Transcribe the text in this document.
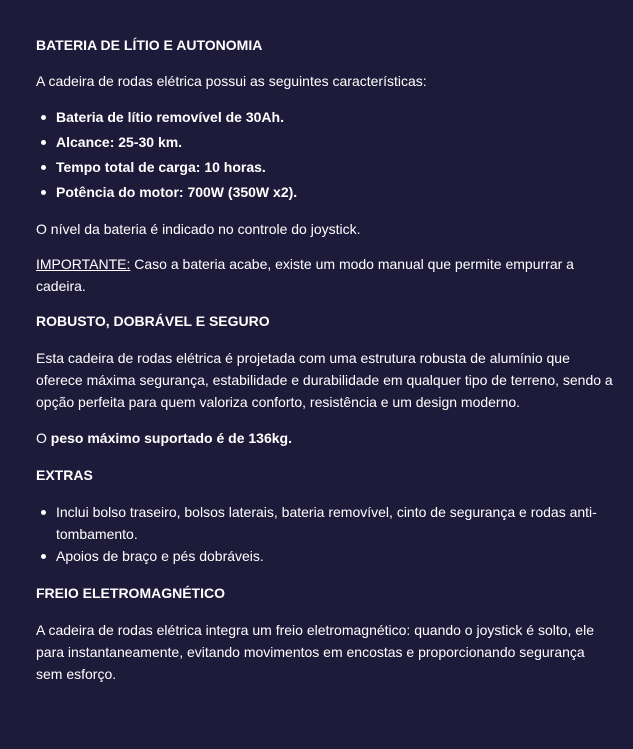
BATERIA DE LÍTIO E AUTONOMIA

A cadeira de rodas elétrica possui as seguintes características:

Bateria de lítio removível de 30Ah.
Alcance: 25-30 km.
Tempo total de carga: 10 horas.
Potência do motor: 700W (350W x2).

O nível da bateria é indicado no controle do joystick.

IMPORTANTE: Caso a bateria acabe, existe um modo manual que permite empurrar a cadeira.

ROBUSTO, DOBRÁVEL E SEGURO

Esta cadeira de rodas elétrica é projetada com uma estrutura robusta de alumínio que oferece máxima segurança, estabilidade e durabilidade em qualquer tipo de terreno, sendo a opção perfeita para quem valoriza conforto, resistência e um design moderno.

O peso máximo suportado é de 136kg.

EXTRAS
Inclui bolso traseiro, bolsos laterais, bateria removível, cinto de segurança e rodas anti-tombamento.
Apoios de braço e pés dobráveis.
FREIO ELETROMAGNÉTICO

A cadeira de rodas elétrica integra um freio eletromagnético: quando o joystick é solto, ele para instantaneamente, evitando movimentos em encostas e proporcionando segurança sem esforço.
